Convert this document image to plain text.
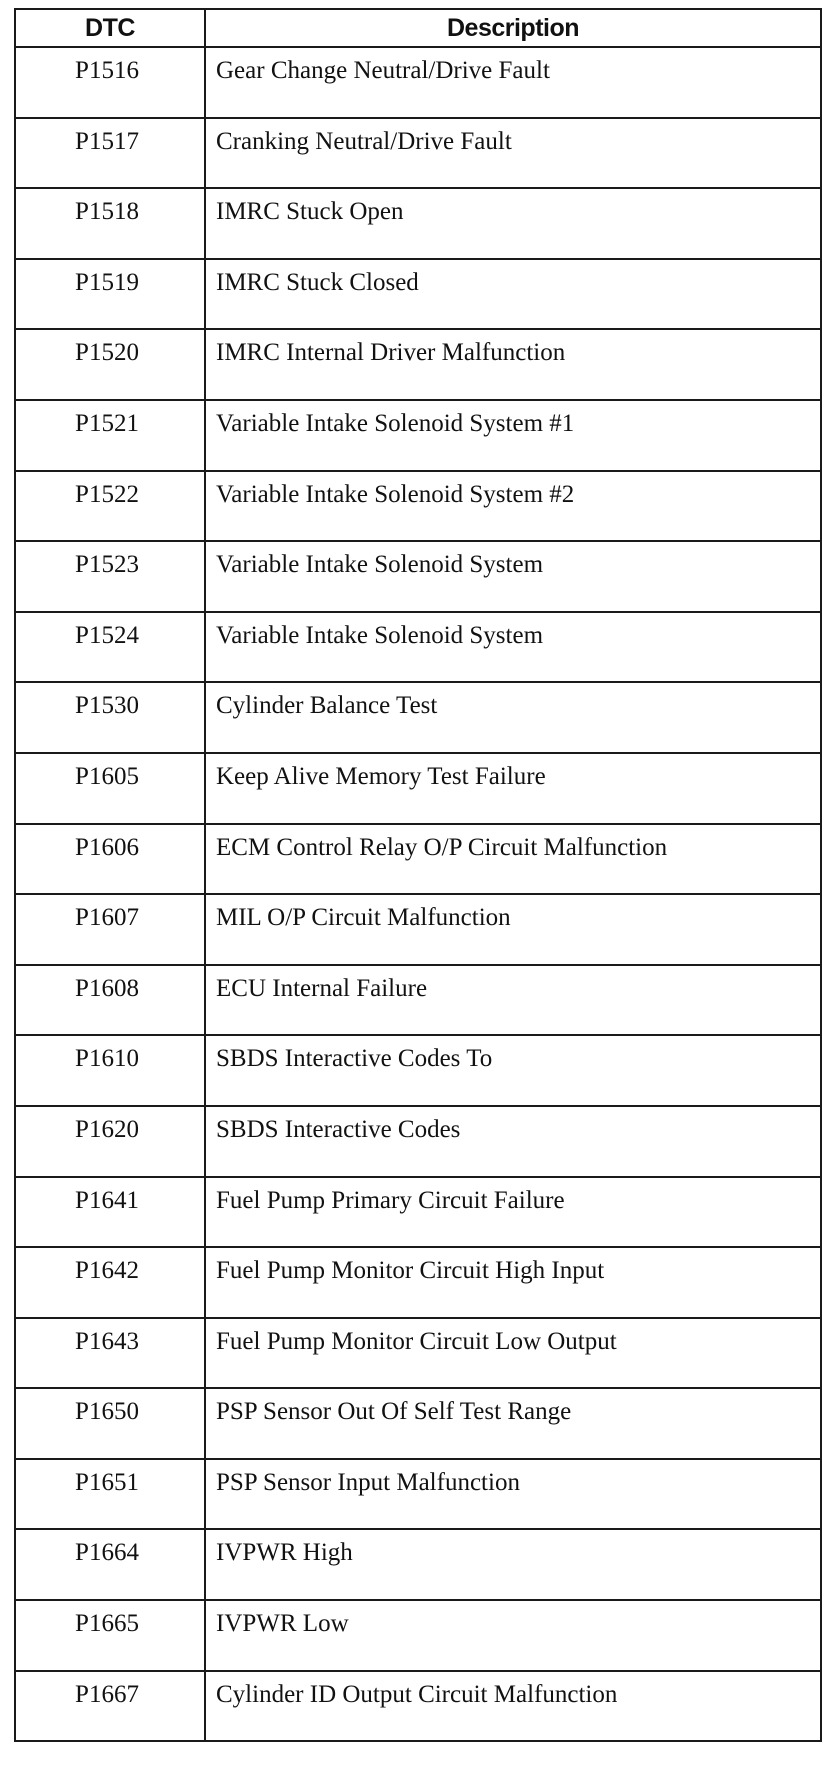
DTC	Description
P1516	Gear Change Neutral/Drive Fault
P1517	Cranking Neutral/Drive Fault
P1518	IMRC Stuck Open
P1519	IMRC Stuck Closed
P1520	IMRC Internal Driver Malfunction
P1521	Variable Intake Solenoid System #1
P1522	Variable Intake Solenoid System #2
P1523	Variable Intake Solenoid System
P1524	Variable Intake Solenoid System
P1530	Cylinder Balance Test
P1605	Keep Alive Memory Test Failure
P1606	ECM Control Relay O/P Circuit Malfunction
P1607	MIL O/P Circuit Malfunction
P1608	ECU Internal Failure
P1610	SBDS Interactive Codes To
P1620	SBDS Interactive Codes
P1641	Fuel Pump Primary Circuit Failure
P1642	Fuel Pump Monitor Circuit High Input
P1643	Fuel Pump Monitor Circuit Low Output
P1650	PSP Sensor Out Of Self Test Range
P1651	PSP Sensor Input Malfunction
P1664	IVPWR High
P1665	IVPWR Low
P1667	Cylinder ID Output Circuit Malfunction
